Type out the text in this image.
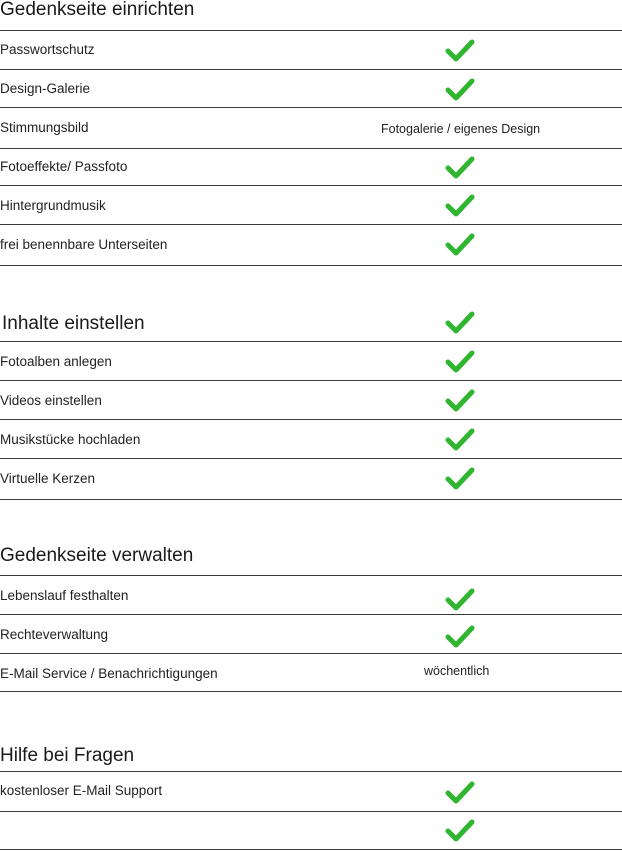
Gedenkseite einrichten
Passwortschutz
Design-Galerie
Stimmungsbild	Fotogalerie / eigenes Design
Fotoeffekte/ Passfoto
Hintergrundmusik
frei benennbare Unterseiten
Inhalte einstellen
Fotoalben anlegen
Videos einstellen
Musikstücke hochladen
Virtuelle Kerzen
Gedenkseite verwalten
Lebenslauf festhalten
Rechteverwaltung
E-Mail Service / Benachrichtigungen	wöchentlich
Hilfe bei Fragen
kostenloser E-Mail Support
